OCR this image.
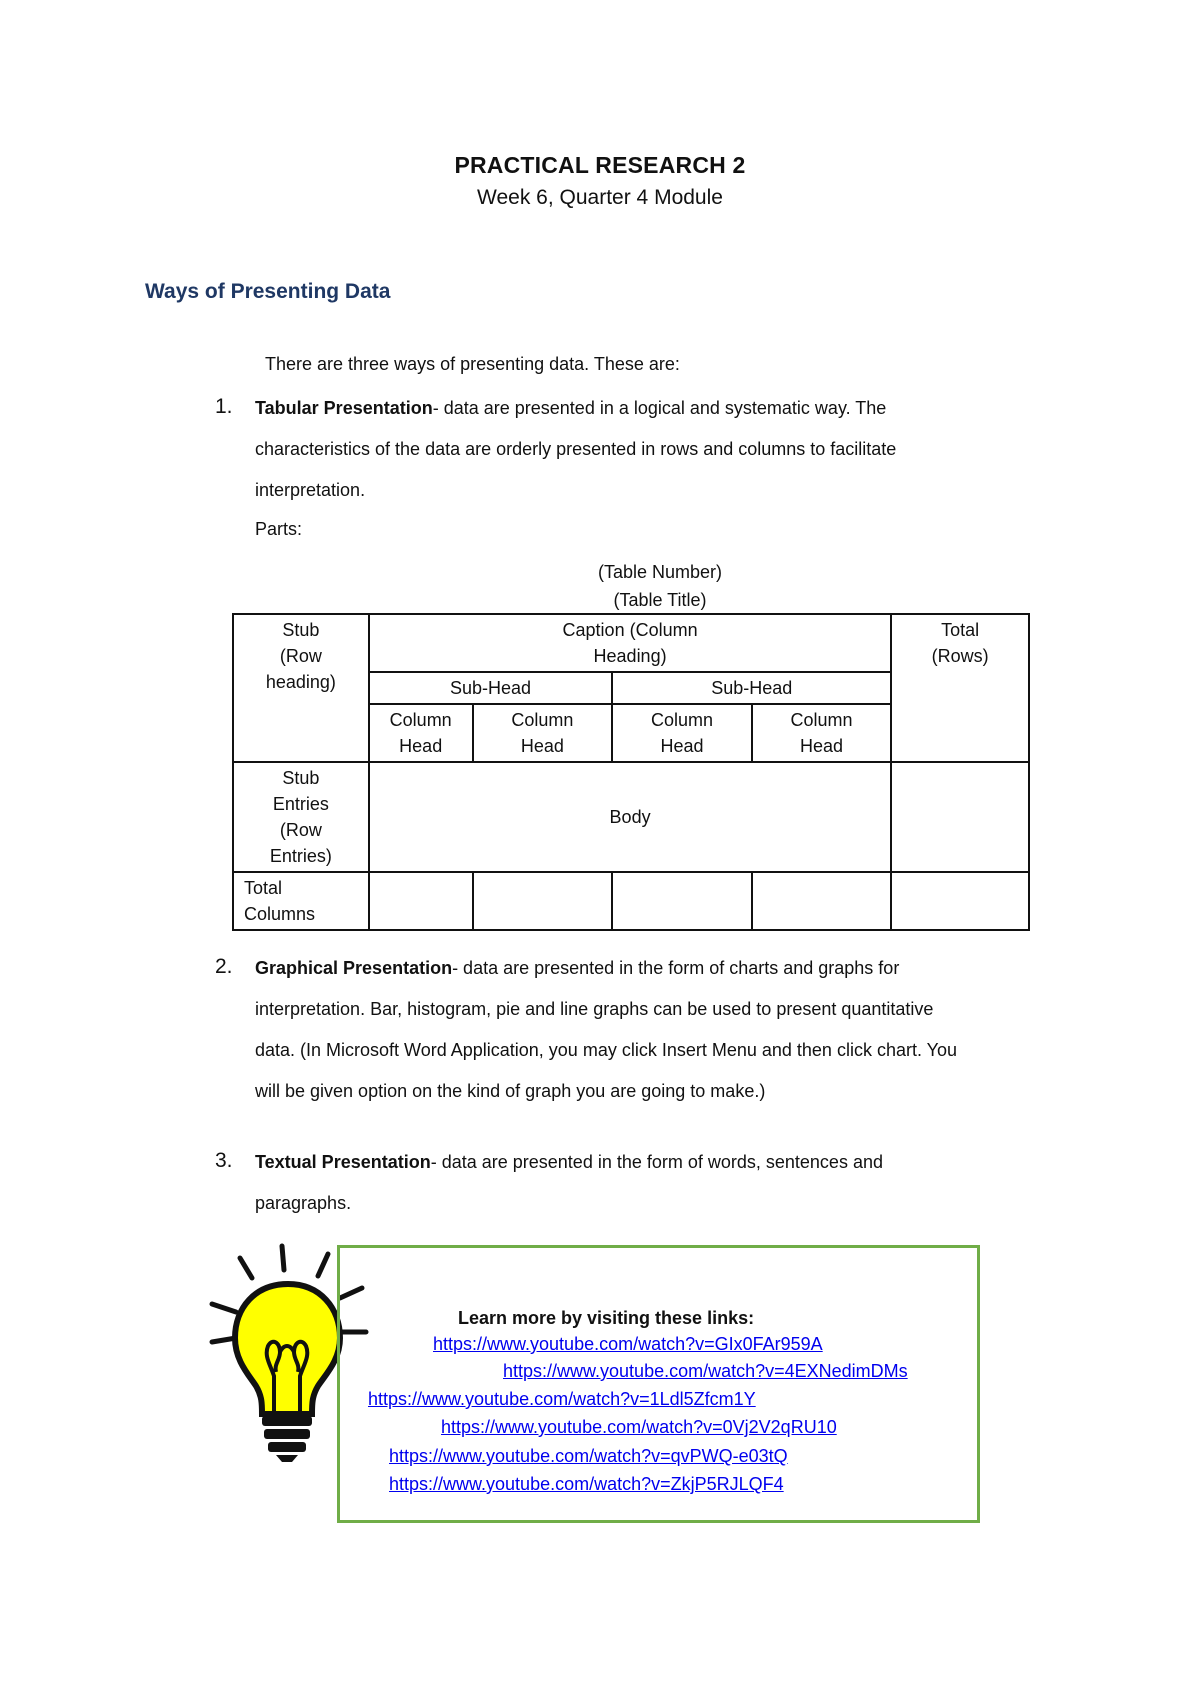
PRACTICAL RESEARCH 2
Week 6, Quarter 4 Module
Ways of Presenting Data
There are three ways of presenting data. These are:
1. Tabular Presentation- data are presented in a logical and systematic way. The
characteristics of the data are orderly presented in rows and columns to facilitate
interpretation.
Parts:
(Table Number)
(Table Title)
Stub (Row heading)	Caption (Column Heading)				Total (Rows)

	Sub-Head		Sub-Head		

	Column Head	Column Head	Column Head	Column Head	

Stub Entries (Row Entries)	Body				

Total Columns					

2. Graphical Presentation- data are presented in the form of charts and graphs for
interpretation. Bar, histogram, pie and line graphs can be used to present quantitative
data. (In Microsoft Word Application, you may click Insert Menu and then click chart. You
will be given option on the kind of graph you are going to make.)
3. Textual Presentation- data are presented in the form of words, sentences and
paragraphs.
Learn more by visiting these links:
https://www.youtube.com/watch?v=GIx0FAr959A
https://www.youtube.com/watch?v=4EXNedimDMs
https://www.youtube.com/watch?v=1Ldl5Zfcm1Y
https://www.youtube.com/watch?v=0Vj2V2qRU10
https://www.youtube.com/watch?v=qvPWQ-e03tQ
https://www.youtube.com/watch?v=ZkjP5RJLQF4
